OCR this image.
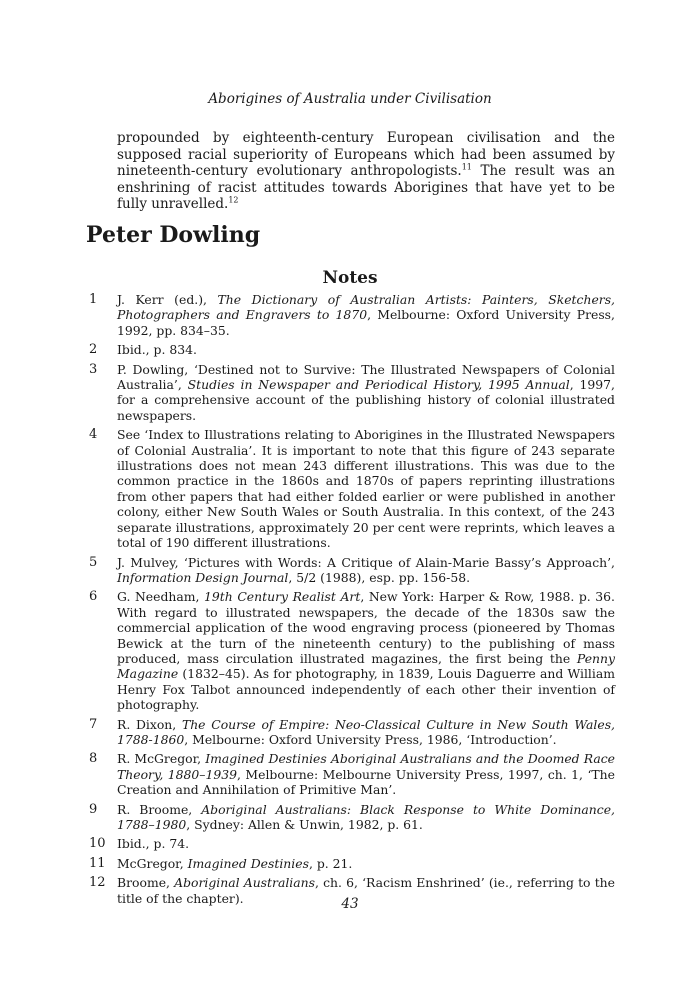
Aborigines of Australia under Civilisation

propounded by eighteenth-century European civilisation and the supposed racial superiority of Europeans which had been assumed by nineteenth-century evolutionary anthropologists.$^{11}$ The result was an enshrining of racist attitudes towards Aborigines that have yet to be fully unravelled.$^{12}$

Peter Dowling
Notes
1	J. Kerr (ed.), The Dictionary of Australian Artists: Painters, Sketchers, Photographers and Engravers to 1870, Melbourne: Oxford University Press, 1992, pp. 834–35.
2	Ibid., p. 834.
3	P. Dowling, ‘Destined not to Survive: The Illustrated Newspapers of Colonial Australia’, Studies in Newspaper and Periodical History, 1995 Annual, 1997, for a comprehensive account of the publishing history of colonial illustrated newspapers.
4	See ‘Index to Illustrations relating to Aborigines in the Illustrated Newspapers of Colonial Australia’. It is important to note that this figure of 243 separate illustrations does not mean 243 different illustrations. This was due to the common practice in the 1860s and 1870s of papers reprinting illustrations from other papers that had either folded earlier or were published in another colony, either New South Wales or South Australia. In this context, of the 243 separate illustrations, approximately 20 per cent were reprints, which leaves a total of 190 different illustrations.
5	J. Mulvey, ‘Pictures with Words: A Critique of Alain-Marie Bassy’s Approach’, Information Design Journal, 5/2 (1988), esp. pp. 156-58.
6	G. Needham, 19th Century Realist Art, New York: Harper & Row, 1988. p. 36. With regard to illustrated newspapers, the decade of the 1830s saw the commercial application of the wood engraving process (pioneered by Thomas Bewick at the turn of the nineteenth century) to the publishing of mass produced, mass circulation illustrated magazines, the first being the Penny Magazine (1832–45). As for photography, in 1839, Louis Daguerre and William Henry Fox Talbot announced independently of each other their invention of photography.
7	R. Dixon, The Course of Empire: Neo-Classical Culture in New South Wales, 1788-1860, Melbourne: Oxford University Press, 1986, ‘Introduction’.
8	R. McGregor, Imagined Destinies Aboriginal Australians and the Doomed Race Theory, 1880–1939, Melbourne: Melbourne University Press, 1997, ch. 1, ‘The Creation and Annihilation of Primitive Man’.
9	R. Broome, Aboriginal Australians: Black Response to White Dominance, 1788–1980, Sydney: Allen & Unwin, 1982, p. 61.
10 Ibid., p. 74.
11 McGregor, Imagined Destinies, p. 21.
12 Broome, Aboriginal Australians, ch. 6, ‘Racism Enshrined’ (ie., referring to the title of the chapter).	43
